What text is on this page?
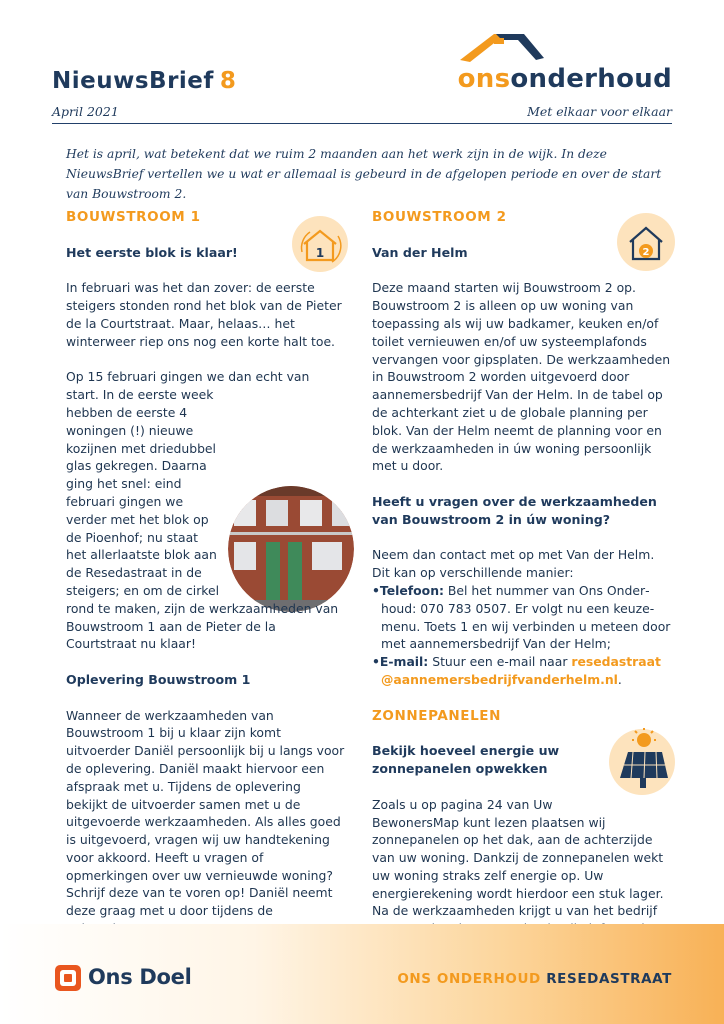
NieuwsBrief 8
April 2021
onsonderhoud
Met elkaar voor elkaar
Het is april, wat betekent dat we ruim 2 maanden aan het werk zijn in de wijk. In deze NieuwsBrief vertellen we u wat er allemaal is gebeurd in de afgelopen periode en over de start van Bouwstroom 2.

BOUWSTROOM 1

1

Het eerste blok is klaar!

In februari was het dan zover: de eerste steigers stonden rond het blok van de Pieter de la Courtstraat. Maar, helaas… het winterweer riep ons nog een korte halt toe.

Op 15 februari gingen we dan echt van start. In de eerste week hebben de eerste 4 woningen (!) nieuwe kozijnen met driedubbel glas gekregen. Daarna ging het snel: eind februari gingen we verder met het blok op de Pioenhof; nu staat het allerlaatste blok aan de Resedastraat in de steigers; en om de cirkel rond te maken, zijn de werkzaamheden van Bouwstroom 1 aan de Pieter de la Courtstraat nu klaar!

Oplevering Bouwstroom 1

Wanneer de werkzaamheden van Bouwstroom 1 bij u klaar zijn komt uitvoerder Daniël persoonlijk bij u langs voor de oplevering. Daniël maakt hiervoor een afspraak met u. Tijdens de oplevering bekijkt de uitvoerder samen met u de uitgevoerde werkzaamheden. Als alles goed is uitgevoerd, vragen wij uw handtekening voor akkoord. Heeft u vragen of opmerkingen over uw vernieuwde woning? Schrijf deze van te voren op! Daniël neemt deze graag met u door tijdens de

BOUWSTROOM 2

2

Van der Helm

Deze maand starten wij Bouwstroom 2 op. Bouwstroom 2 is alleen op uw woning van toepassing als wij uw badkamer, keuken en/of toilet vernieuwen en/of uw systeemplafonds vervangen voor gipsplaten. De werkzaamheden in Bouwstroom 2 worden uitgevoerd door aannemersbedrijf Van der Helm. In de tabel op de achterkant ziet u de globale planning per blok. Van der Helm neemt de planning voor en de werkzaamheden in úw woning persoonlijk met u door.

Heeft u vragen over de werkzaamheden van Bouwstroom 2 in úw woning?

Neem dan contact met op met Van der Helm. Dit kan op verschillende manier:

•Telefoon: Bel het nummer van Ons Onderhoud: 070 783 0507. Er volgt nu een keuzemenu. Toets 1 en wij verbinden u meteen door met aannemersbedrijf Van der Helm;
•E-mail: Stuur een e-mail naar resedastraat @aannemersbedrijfvanderhelm.nl.

ZONNEPANELEN

Bekijk hoeveel energie uw zonnepanelen opwekken

Zoals u op pagina 24 van Uw BewonersMap kunt lezen plaatsen wij zonnepanelen op het dak, aan de achterzijde van uw woning. Dankzij de zonnepanelen wekt uw woning straks zelf energie op. Uw energierekening wordt hierdoor een stuk lager. Na de werkzaamheden krijgt u van het bedrijf

Ons Doel	ONS ONDERHOUD RESEDASTRAAT
